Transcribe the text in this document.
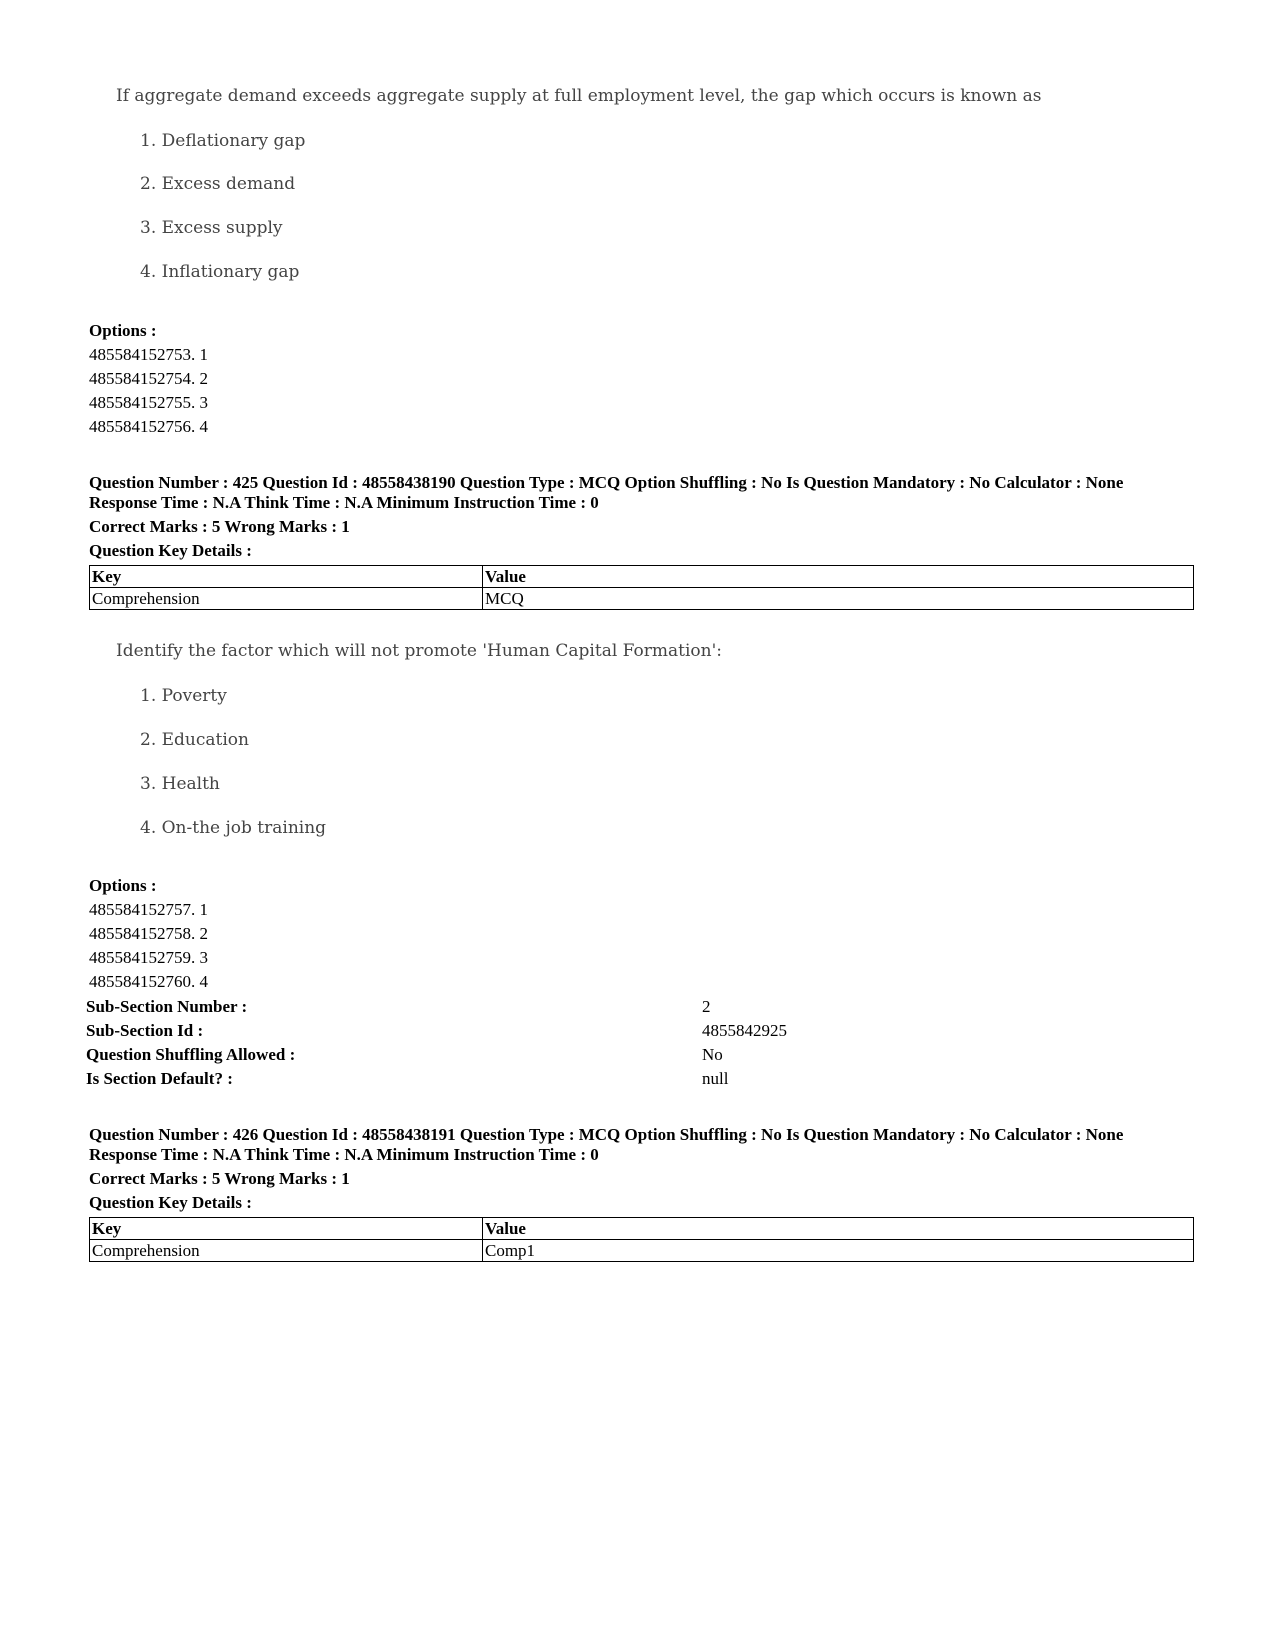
If aggregate demand exceeds aggregate supply at full employment level, the gap which occurs is known as
1. Deflationary gap
2. Excess demand
3. Excess supply
4. Inflationary gap
Options :
485584152753. 1
485584152754. 2
485584152755. 3
485584152756. 4
Question Number : 425 Question Id : 48558438190 Question Type : MCQ Option Shuffling : No Is Question Mandatory : No Calculator : None
Response Time : N.A Think Time : N.A Minimum Instruction Time : 0
Correct Marks : 5 Wrong Marks : 1
Question Key Details :
Key	Value
Comprehension	MCQ
Identify the factor which will not promote 'Human Capital Formation':
1. Poverty
2. Education
3. Health
4. On-the job training
Options :
485584152757. 1
485584152758. 2
485584152759. 3
485584152760. 4
Sub-Section Number :	2
Sub-Section Id :	4855842925
Question Shuffling Allowed :	No
Is Section Default? :	null
Question Number : 426 Question Id : 48558438191 Question Type : MCQ Option Shuffling : No Is Question Mandatory : No Calculator : None
Response Time : N.A Think Time : N.A Minimum Instruction Time : 0
Correct Marks : 5 Wrong Marks : 1
Question Key Details :
Key	Value
Comprehension	Comp1
